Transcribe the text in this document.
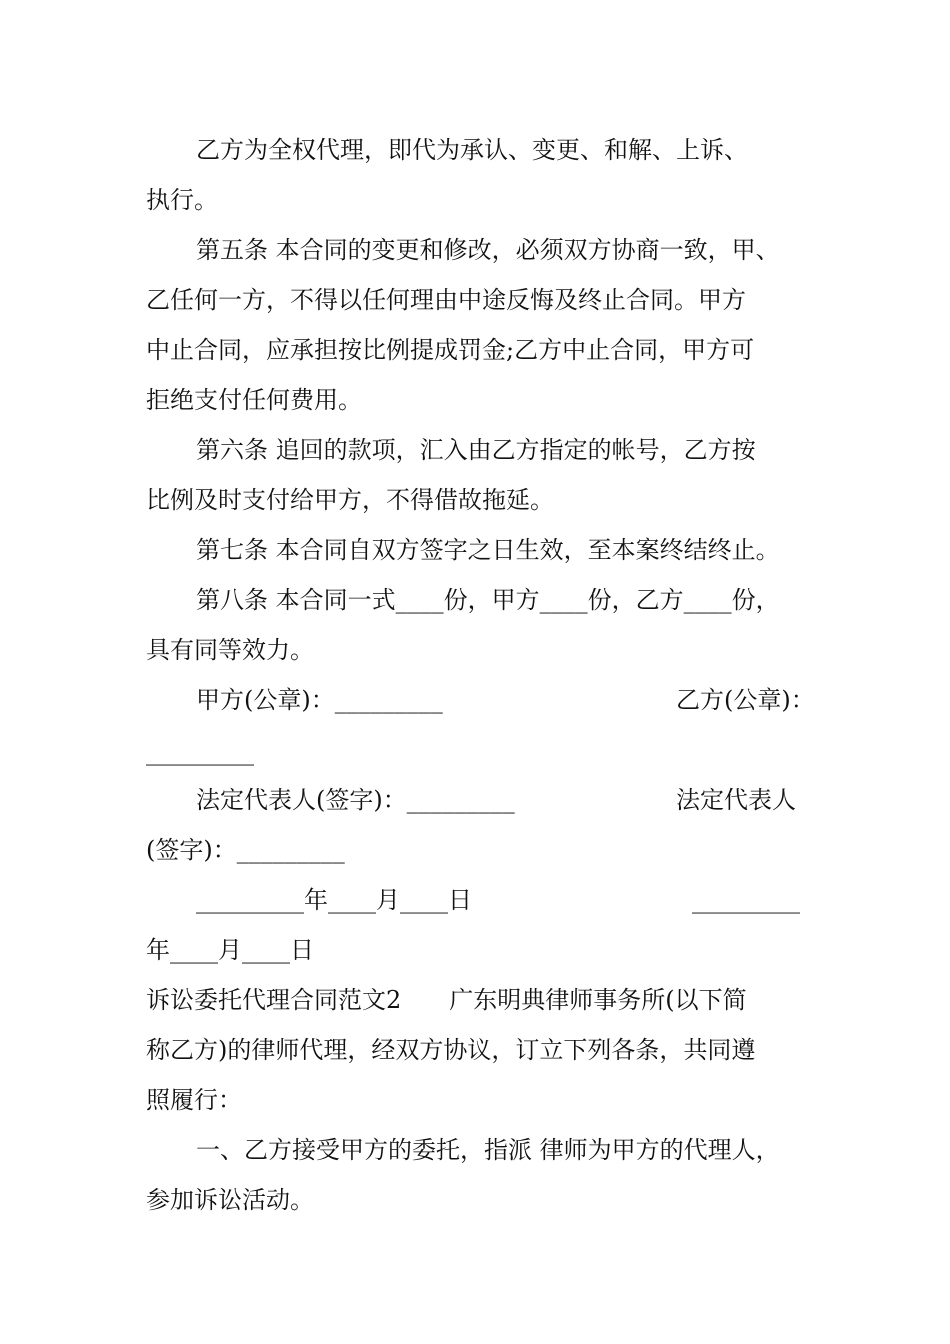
乙方为全权代理，即代为承认、变更、和解、上诉、
执行。
第五条 本合同的变更和修改，必须双方协商一致，甲、
乙任何一方，不得以任何理由中途反悔及终止合同。甲方
中止合同，应承担按比例提成罚金;乙方中止合同，甲方可
拒绝支付任何费用。
第六条 追回的款项，汇入由乙方指定的帐号，乙方按
比例及时支付给甲方，不得借故拖延。
第七条 本合同自双方签字之日生效，至本案终结终止。
第八条 本合同一式____份，甲方____份，乙方____份，
具有同等效力。
甲方(公章)：_________	乙方(公章)：
_________
法定代表人(签字)：_________	法定代表人
(签字)：_________
_________年____月____日	_________
年____月____日
诉讼委托代理合同范文2　　广东明典律师事务所(以下简
称乙方)的律师代理，经双方协议，订立下列各条，共同遵
照履行：
一、乙方接受甲方的委托，指派 律师为甲方的代理人，
参加诉讼活动。
